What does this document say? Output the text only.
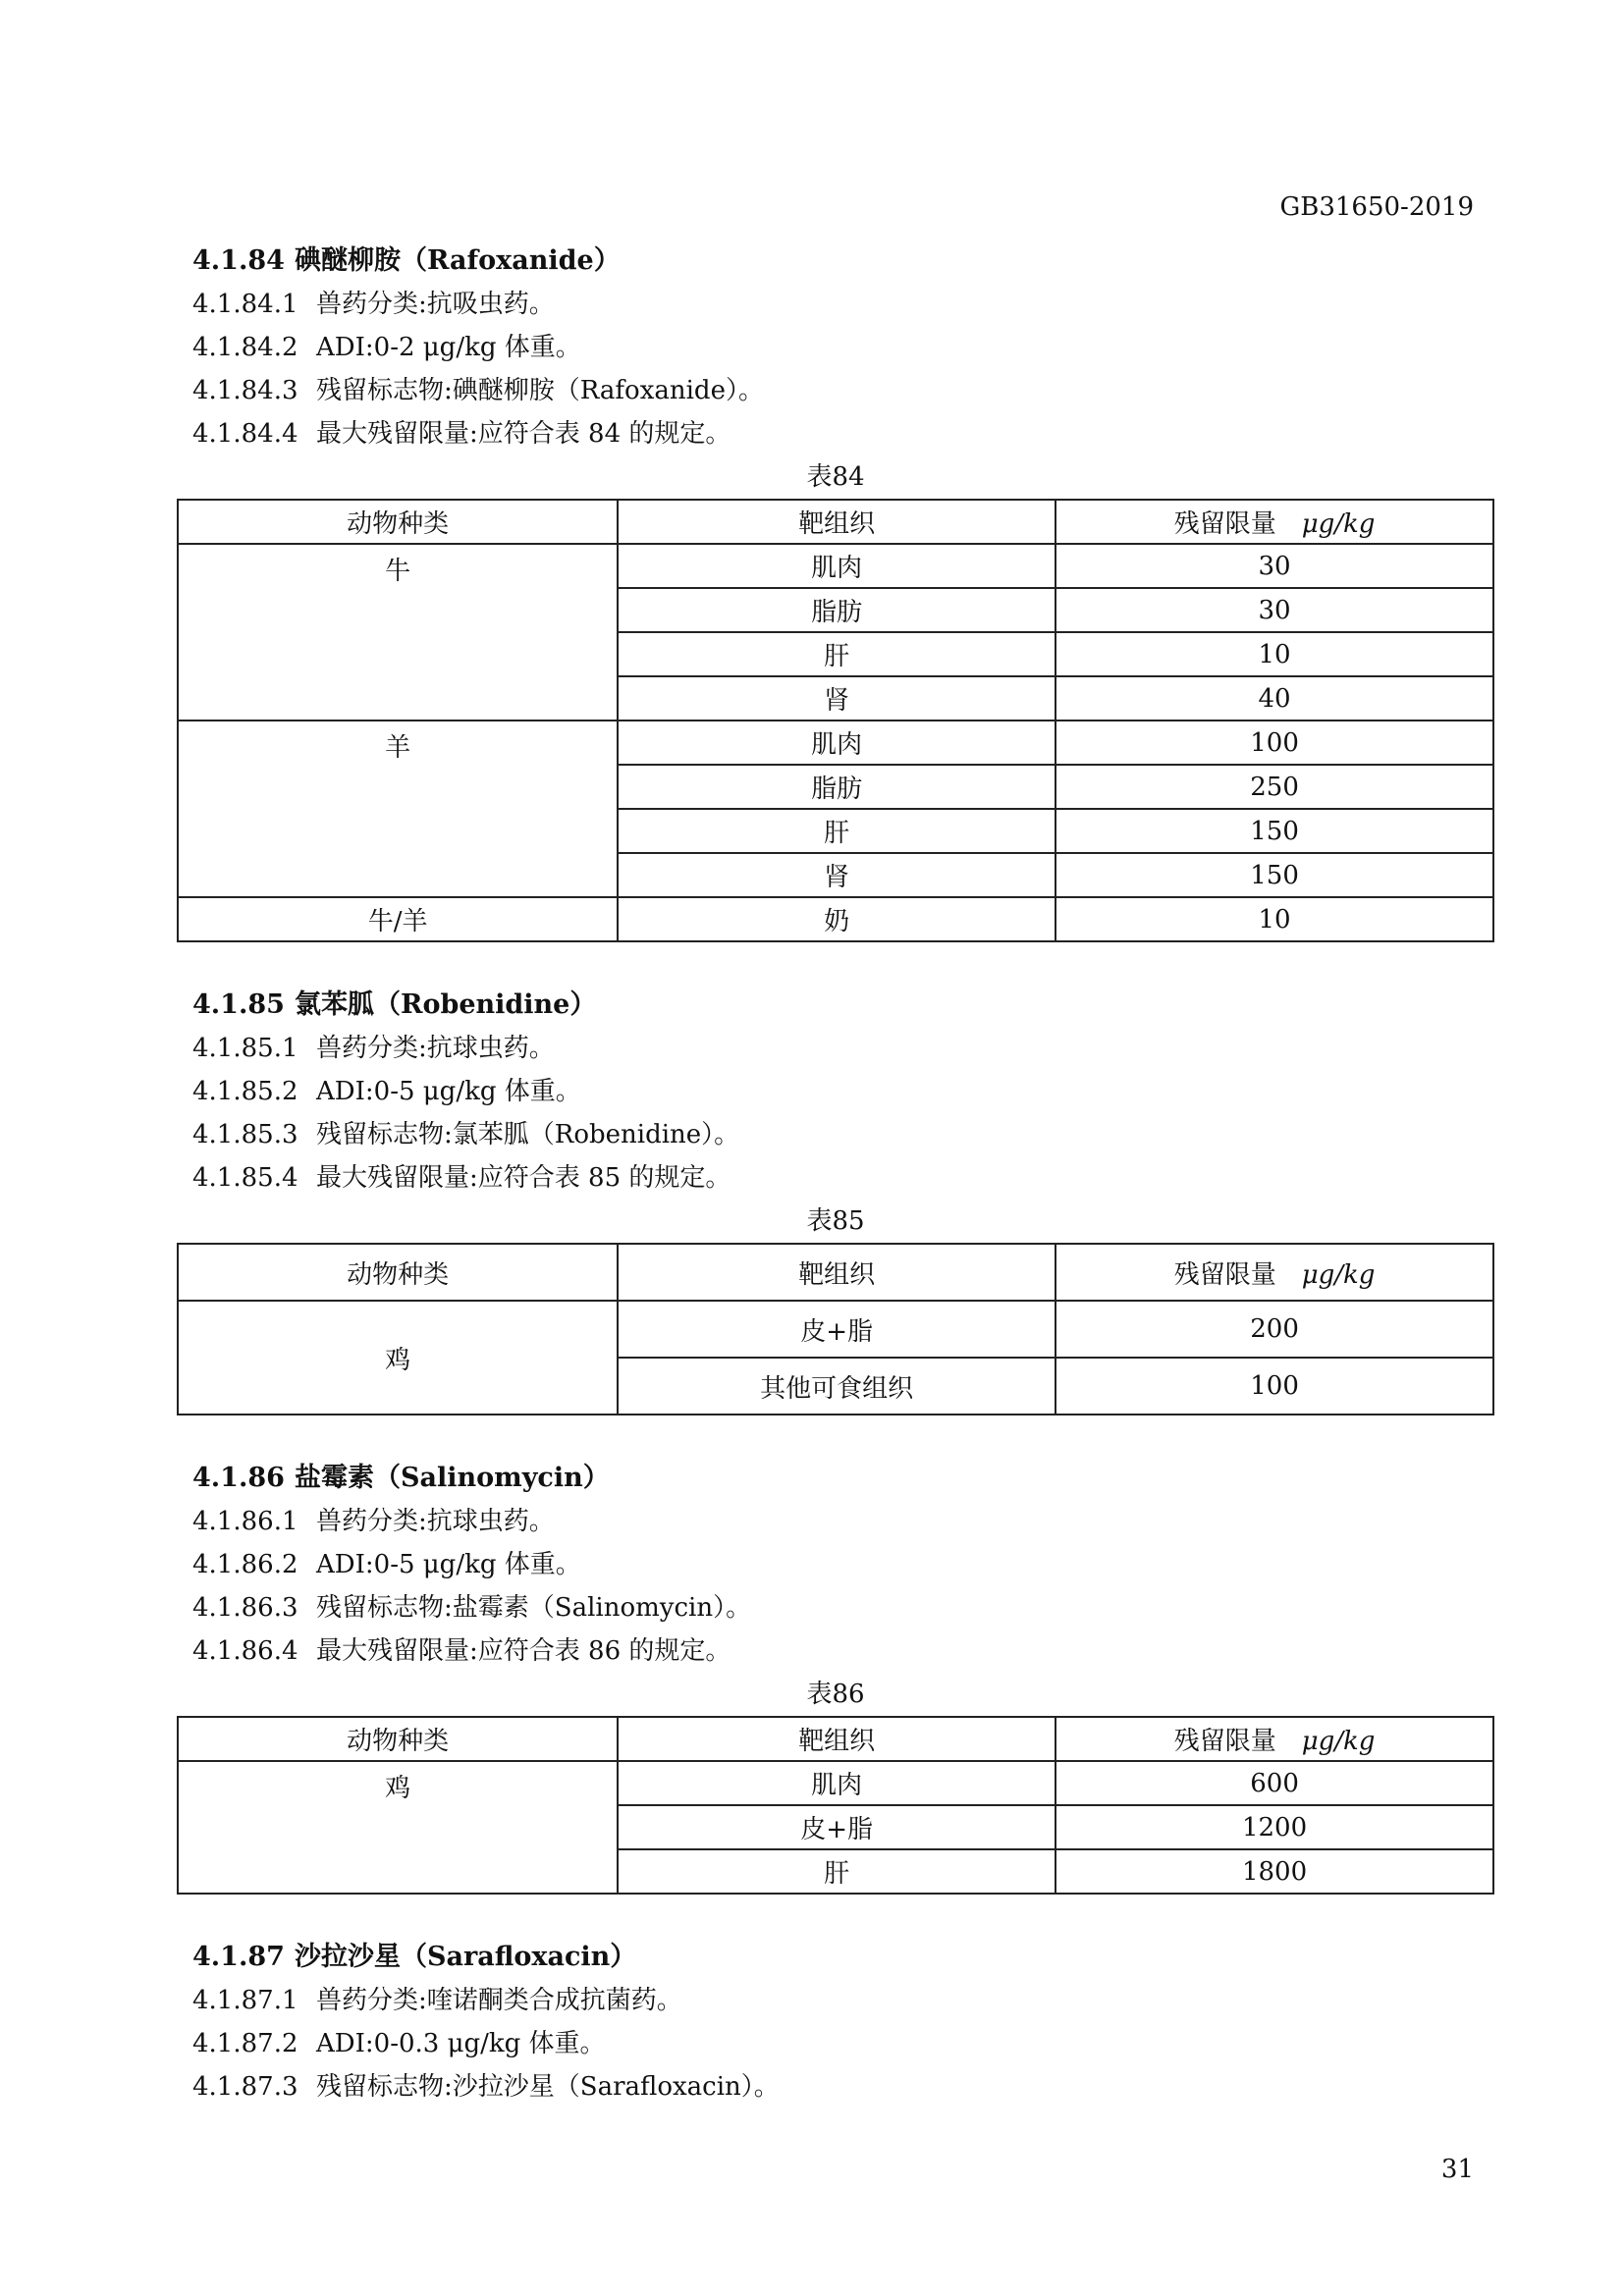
GB31650-2019

4.1.84 碘醚柳胺（Rafoxanide）

4.1.84.1 兽药分类:抗吸虫药。

4.1.84.2 ADI:0-2 μg/kg 体重。

4.1.84.3 残留标志物:碘醚柳胺（Rafoxanide）。

4.1.84.4 最大残留限量:应符合表 84 的规定。

表84

动物种类	靶组织	残留限量 μg/kg
牛	肌肉	30
	脂肪	30
	肝	10
	肾	40
羊	肌肉	100
	脂肪	250
	肝	150
	肾	150
牛/羊	奶	10

4.1.85 氯苯胍（Robenidine）

4.1.85.1 兽药分类:抗球虫药。

4.1.85.2 ADI:0-5 μg/kg 体重。

4.1.85.3 残留标志物:氯苯胍（Robenidine）。

4.1.85.4 最大残留限量:应符合表 85 的规定。

表85

动物种类	靶组织	残留限量 μg/kg
鸡	皮+脂	200
	其他可食组织	100

4.1.86 盐霉素（Salinomycin）

4.1.86.1 兽药分类:抗球虫药。

4.1.86.2 ADI:0-5 μg/kg 体重。

4.1.86.3 残留标志物:盐霉素（Salinomycin）。

4.1.86.4 最大残留限量:应符合表 86 的规定。

表86

动物种类	靶组织	残留限量 μg/kg
鸡	肌肉	600
	皮+脂	1200
	肝	1800

4.1.87 沙拉沙星（Sarafloxacin）

4.1.87.1 兽药分类:喹诺酮类合成抗菌药。

4.1.87.2 ADI:0-0.3 μg/kg 体重。

4.1.87.3 残留标志物:沙拉沙星（Sarafloxacin）。

31
